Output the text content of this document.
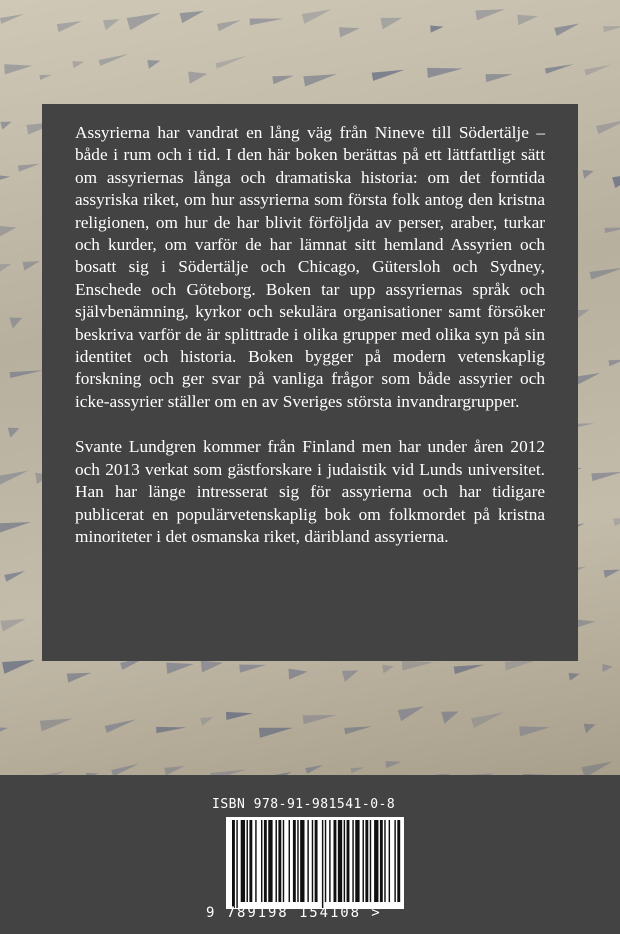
Assyrierna har vandrat en lång väg från Nineve till Södertälje – både i rum och i tid. I den här boken berättas på ett lättfattligt sätt om assyriernas långa och dramatiska historia: om det forntida assyriska riket, om hur assyrierna som första folk antog den kristna religionen, om hur de har blivit förföljda av perser, araber, turkar och kurder, om varför de har lämnat sitt hemland Assyrien och bosatt sig i Södertälje och Chicago, Gütersloh och Sydney, Enschede och Göteborg. Boken tar upp assyriernas språk och självbenämning, kyrkor och sekulära organisationer samt försöker beskriva varför de är splittrade i olika grupper med olika syn på sin identitet och historia. Boken bygger på modern vetenskaplig forskning och ger svar på vanliga frågor som både assyrier och icke-assyrier ställer om en av Sveriges största invandrargrupper.

Svante Lundgren kommer från Finland men har under åren 2012 och 2013 verkat som gästforskare i judaistik vid Lunds universitet. Han har länge intresserat sig för assyrierna och har tidigare publicerat en populärvetenskaplig bok om folkmordet på kristna minoriteter i det osmanska riket, däribland assyrierna.

ISBN 978-91-981541-0-8
9 789198 154108 >
